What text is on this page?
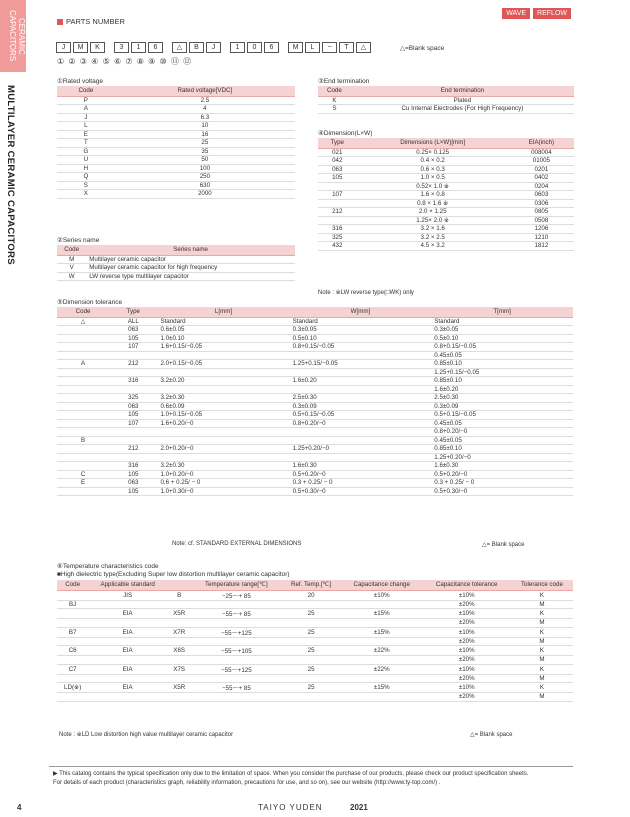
CERAMIC
CAPACITORS
MULTILAYER CERAMIC CAPACITORS
PARTS NUMBER
WAVE	REFLOW
J	M	K	3	1	6	△	B	J	1	0	6	M	L	−	T	△	△=Blank space
① ② ③ ④ ⑤ ⑥ ⑦ ⑧ ⑨ ⑩ ⑪ ⑫
①Rated voltage
Code	Rated voltage[VDC]
P	2.5
A	4
J	6.3
L	10
E	16
T	25
G	35
U	50
H	100
Q	250
S	630
X	2000
②Series name
Code	Series name
M	Multilayer ceramic capacitor
V	Multilayer ceramic capacitor for high frequency
W	LW reverse type multilayer capacitor
③End termination
Code	End termination
K	Plated
S	Cu Internal Electrodes (For High Frequency)
④Dimension(L×W)
Type	Dimensions (L×W)[mm]	EIA(inch)
021	0.25× 0.125	008004
042	0.4 × 0.2	01005
063	0.6 × 0.3	0201
105	1.0 × 0.5	0402
	0.52× 1.0 ※	0204
107	1.6 × 0.8	0603
	0.8 × 1.6 ※	0306
212	2.0 × 1.25	0805
	1.25× 2.0 ※	0508
316	3.2 × 1.6	1206
325	3.2 × 2.5	1210
432	4.5 × 3.2	1812
Note : ※LW reverse type(□WK) only
⑤Dimension tolerance
Code	Type	L[mm]	W[mm]	T[mm]
△	ALL	Standard	Standard	Standard
	063	0.6±0.05	0.3±0.05	0.3±0.05
	105	1.0±0.10	0.5±0.10	0.5±0.10
	107	1.6+0.15/−0.05	0.8+0.15/−0.05	0.8+0.15/−0.05
				0.45±0.05
A	212	2.0+0.15/−0.05	1.25+0.15/−0.05	0.85±0.10
				1.25+0.15/−0.05
	316	3.2±0.20	1.6±0.20	0.85±0.10
				1.6±0.20
	325	3.2±0.30	2.5±0.30	2.5±0.30
	063	0.6±0.09	0.3±0.09	0.3±0.09
	105	1.0+0.15/−0.05	0.5+0.15/−0.05	0.5+0.15/−0.05
	107	1.6+0.20/−0	0.8+0.20/−0	0.45±0.05
				0.8+0.20/−0
B				0.45±0.05
	212	2.0+0.20/−0	1.25+0.20/−0	0.85±0.10
				1.25+0.20/−0
	316	3.2±0.30	1.6±0.30	1.6±0.30
C	105	1.0+0.20/−0	0.5+0.20/−0	0.5+0.20/−0
E	063	0.6 + 0.25/ − 0	0.3 + 0.25/ − 0	0.3 + 0.25/ − 0
	105	1.0+0.30/−0	0.5+0.30/−0	0.5+0.30/−0
Note: cf. STANDARD EXTERNAL DIMENSIONS	△= Blank space
⑥Temperature characteristics code
■High dielectric type(Excluding Super low distortion multilayer ceramic capacitor)
Code	Applicable standard		Temperature range[℃]	Ref. Temp.[℃]	Capacitance change	Capacitance tolerance	Tolerance code
	JIS	B	−25～+ 85	20	±10%	±10%	K
BJ						±20%	M
	EIA	X5R	−55～+ 85	25	±15%	±10%	K
						±20%	M
B7	EIA	X7R	−55～+125	25	±15%	±10%	K
						±20%	M
C6	EIA	X6S	−55～+105	25	±22%	±10%	K
						±20%	M
C7	EIA	X7S	−55～+125	25	±22%	±10%	K
						±20%	M
LD(※)	EIA	X5R	−55～+ 85	25	±15%	±10%	K
						±20%	M
Note : ※LD Low distortion high value multilayer ceramic capacitor	△= Blank space
▶ This catalog contains the typical specification only due to the limitation of space. When you consider the purchase of our products, please check our product specification sheets.
For details of each product (characteristics graph, reliability information, precautions for use, and so on), see our website (http://www.ty-top.com/) .
4	TAIYO YUDEN	2021
